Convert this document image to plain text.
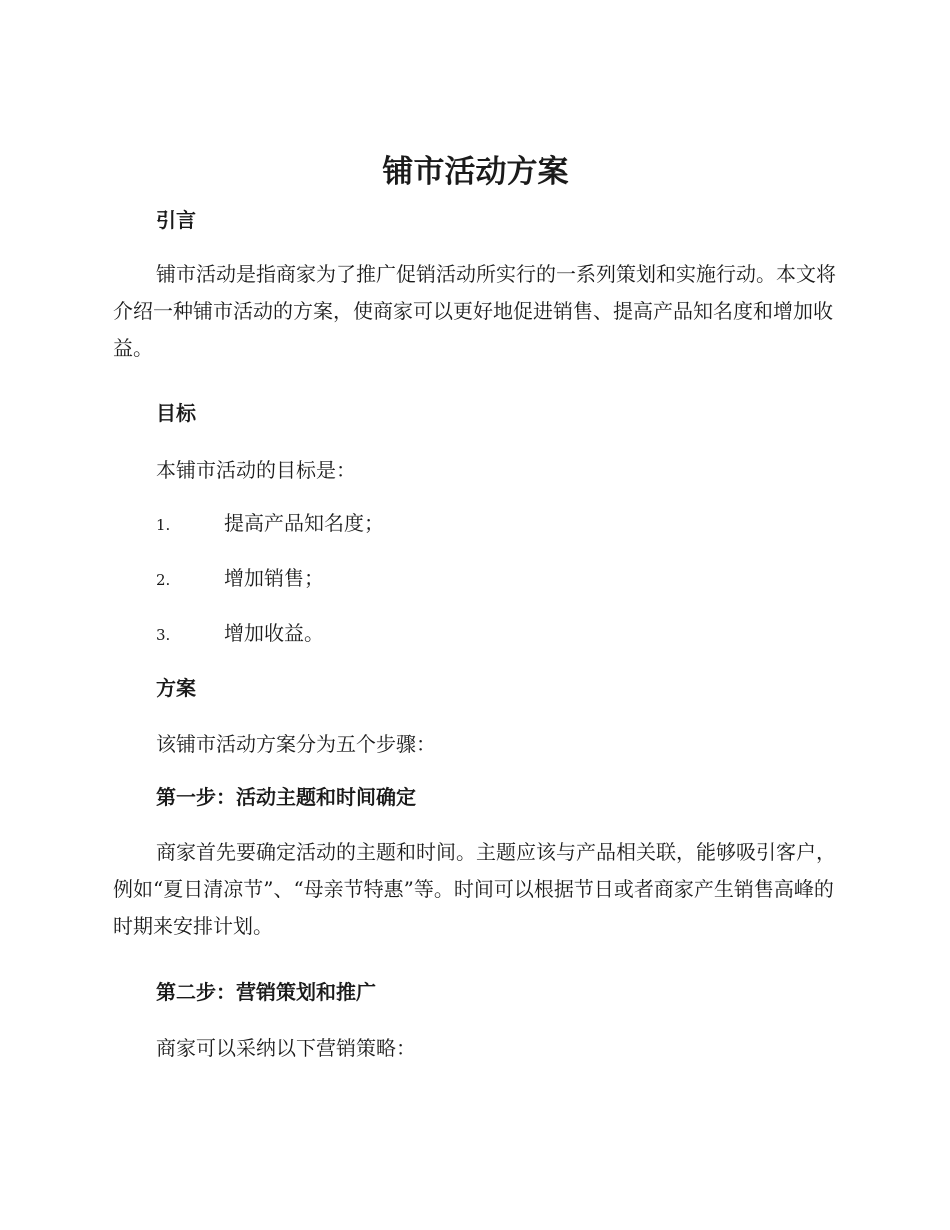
铺市活动方案
引言

铺市活动是指商家为了推广促销活动所实行的一系列策划和实施行动。本文将介绍一种铺市活动的方案，使商家可以更好地促进销售、提高产品知名度和增加收益。

目标

本铺市活动的目标是：

1.	提高产品知名度；
2.	增加销售；
3.	增加收益。
方案

该铺市活动方案分为五个步骤：

第一步：活动主题和时间确定

商家首先要确定活动的主题和时间。主题应该与产品相关联，能够吸引客户，例如“夏日清凉节”、“母亲节特惠”等。时间可以根据节日或者商家产生销售高峰的时期来安排计划。

第二步：营销策划和推广

商家可以采纳以下营销策略：
